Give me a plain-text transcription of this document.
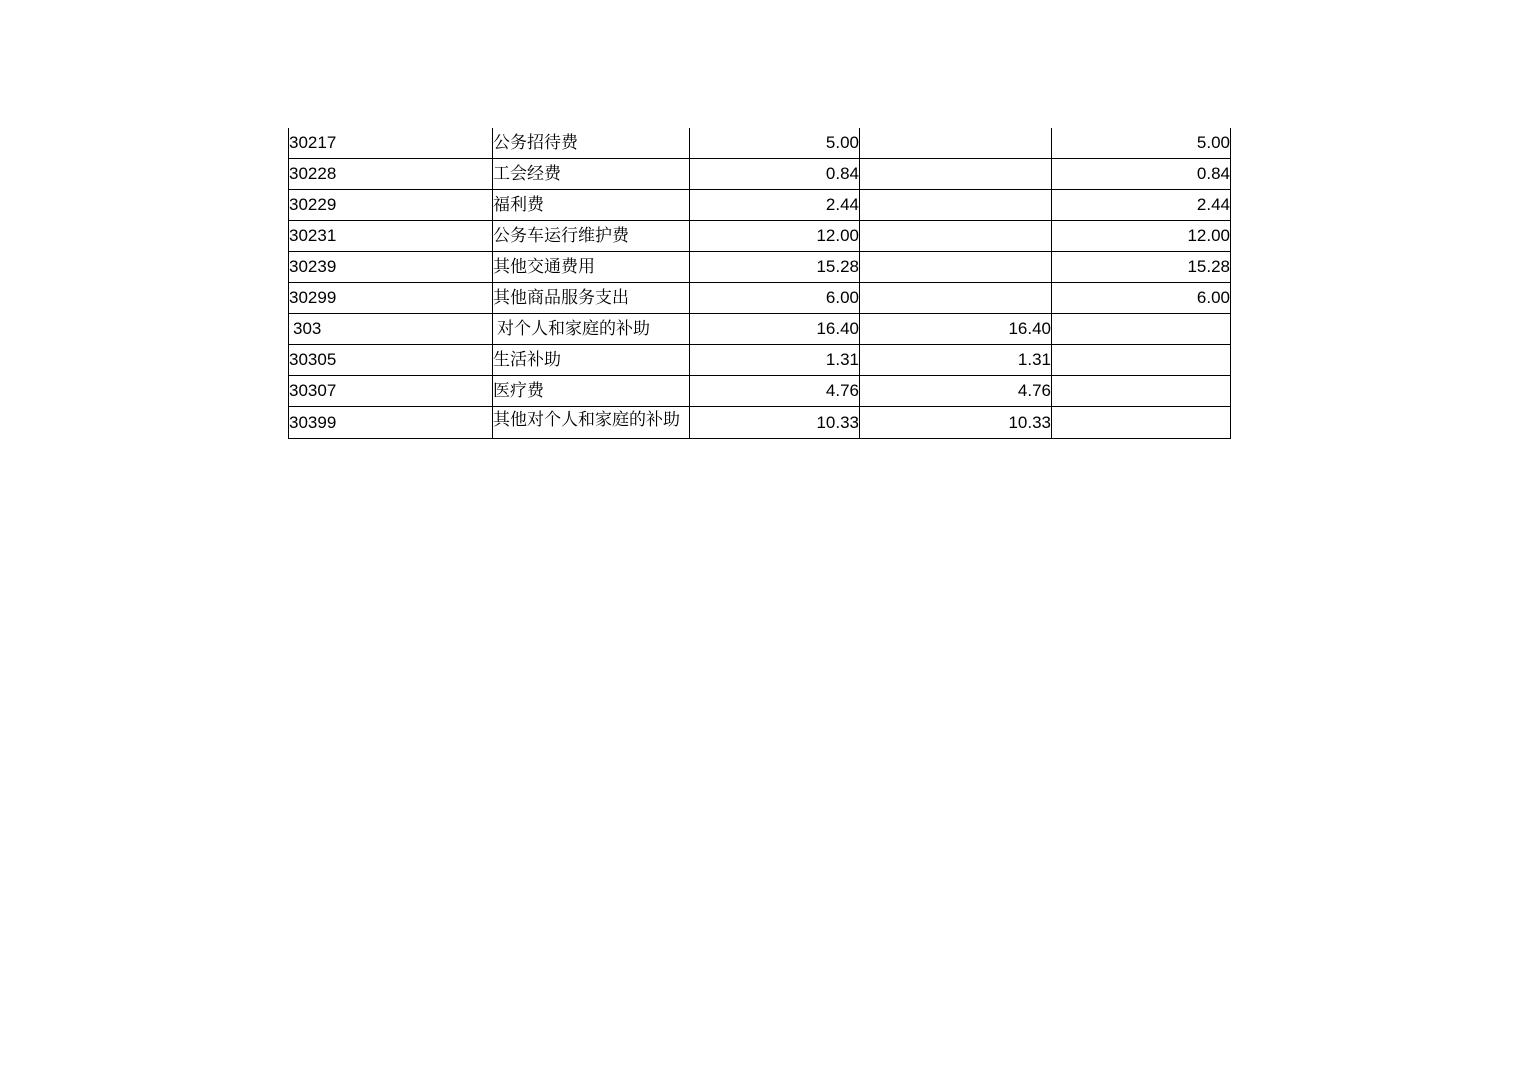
30217	公务招待费	5.00		5.00
30228	工会经费	0.84		0.84
30229	福利费	2.44		2.44
30231	公务车运行维护费	12.00		12.00
30239	其他交通费用	15.28		15.28
30299	其他商品服务支出	6.00		6.00
303	对个人和家庭的补助	16.40	16.40	
30305	生活补助	1.31	1.31	
30307	医疗费	4.76	4.76	
30399	其他对个人和家庭的补助	10.33	10.33	
